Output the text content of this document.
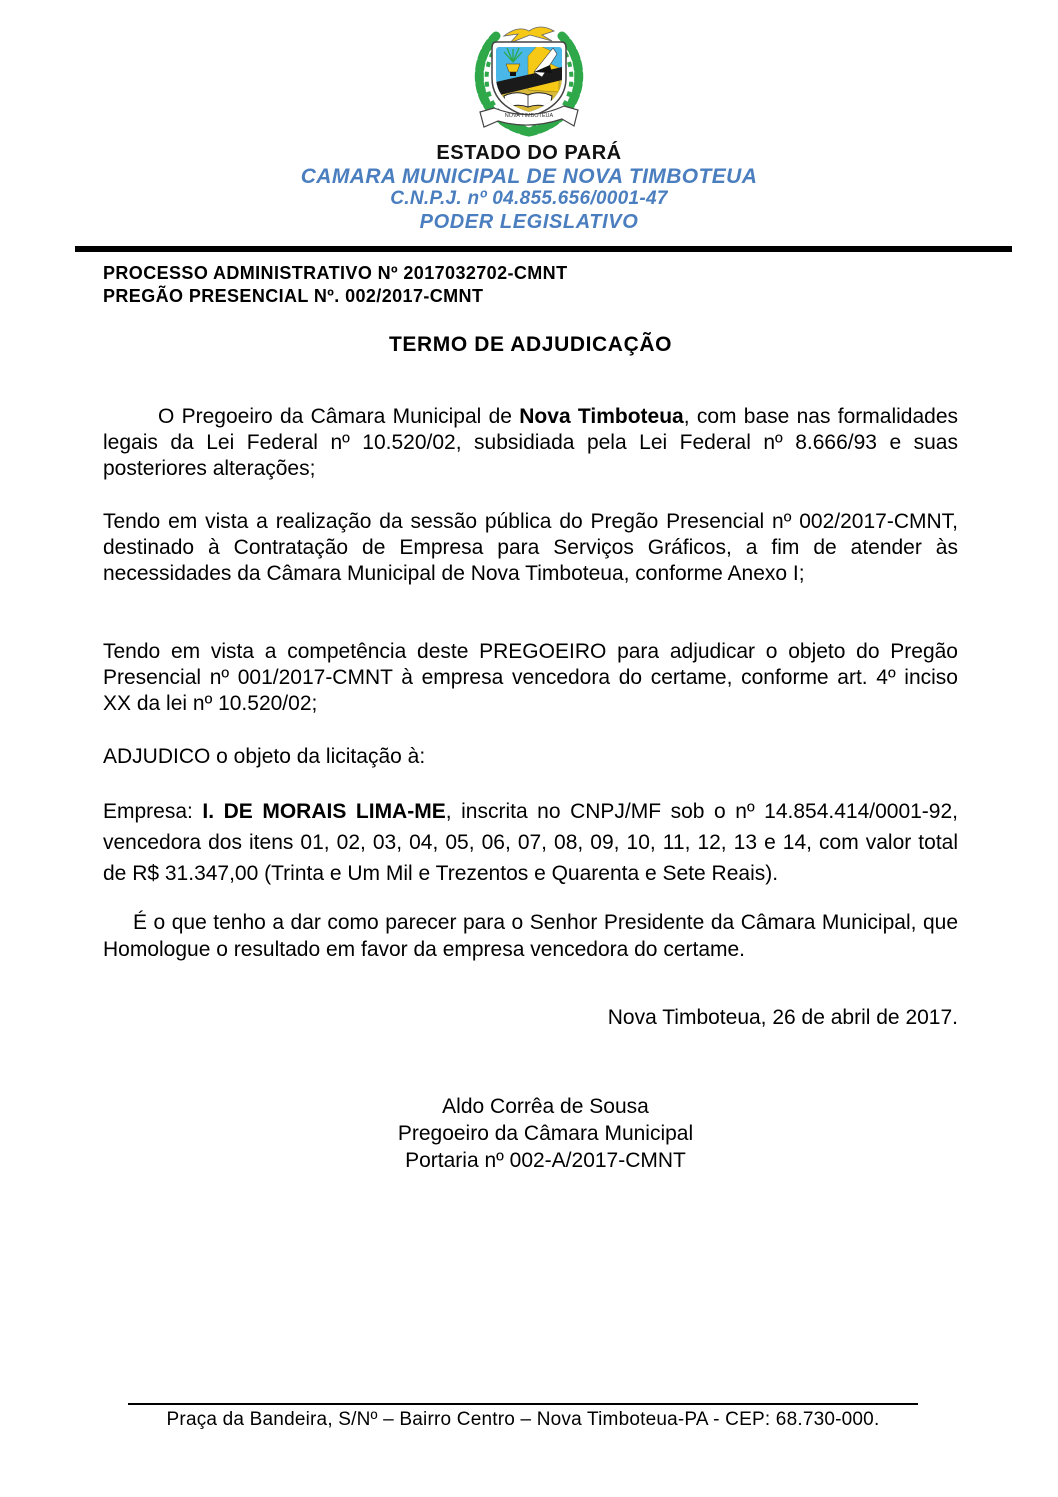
NOVA TIMBOTEUA
ESTADO DO PARÁ
CAMARA MUNICIPAL DE NOVA TIMBOTEUA
C.N.P.J. nº 04.855.656/0001-47
PODER LEGISLATIVO
PROCESSO ADMINISTRATIVO Nº 2017032702-CMNT
PREGÃO PRESENCIAL Nº. 002/2017-CMNT
TERMO DE ADJUDICAÇÃO

O Pregoeiro da Câmara Municipal de Nova Timboteua, com base nas formalidades legais da Lei Federal nº 10.520/02, subsidiada pela Lei Federal nº 8.666/93 e suas posteriores alterações;

Tendo em vista a realização da sessão pública do Pregão Presencial nº 002/2017-CMNT, destinado à Contratação de Empresa para Serviços Gráficos, a fim de atender às necessidades da Câmara Municipal de Nova Timboteua, conforme Anexo I;

Tendo em vista a competência deste PREGOEIRO para adjudicar o objeto do Pregão Presencial nº 001/2017-CMNT à empresa vencedora do certame, conforme art. 4º inciso XX da lei nº 10.520/02;

ADJUDICO o objeto da licitação à:

Empresa: I. DE MORAIS LIMA-ME, inscrita no CNPJ/MF sob o nº 14.854.414/0001-92, vencedora dos itens 01, 02, 03, 04, 05, 06, 07, 08, 09, 10, 11, 12, 13 e 14, com valor total de R$ 31.347,00 (Trinta e Um Mil e Trezentos e Quarenta e Sete Reais).

É o que tenho a dar como parecer para o Senhor Presidente da Câmara Municipal, que Homologue o resultado em favor da empresa vencedora do certame.

Nova Timboteua, 26 de abril de 2017.
Aldo Corrêa de Sousa
Pregoeiro da Câmara Municipal
Portaria nº 002-A/2017-CMNT
Praça da Bandeira, S/Nº – Bairro Centro – Nova Timboteua-PA - CEP: 68.730-000.
